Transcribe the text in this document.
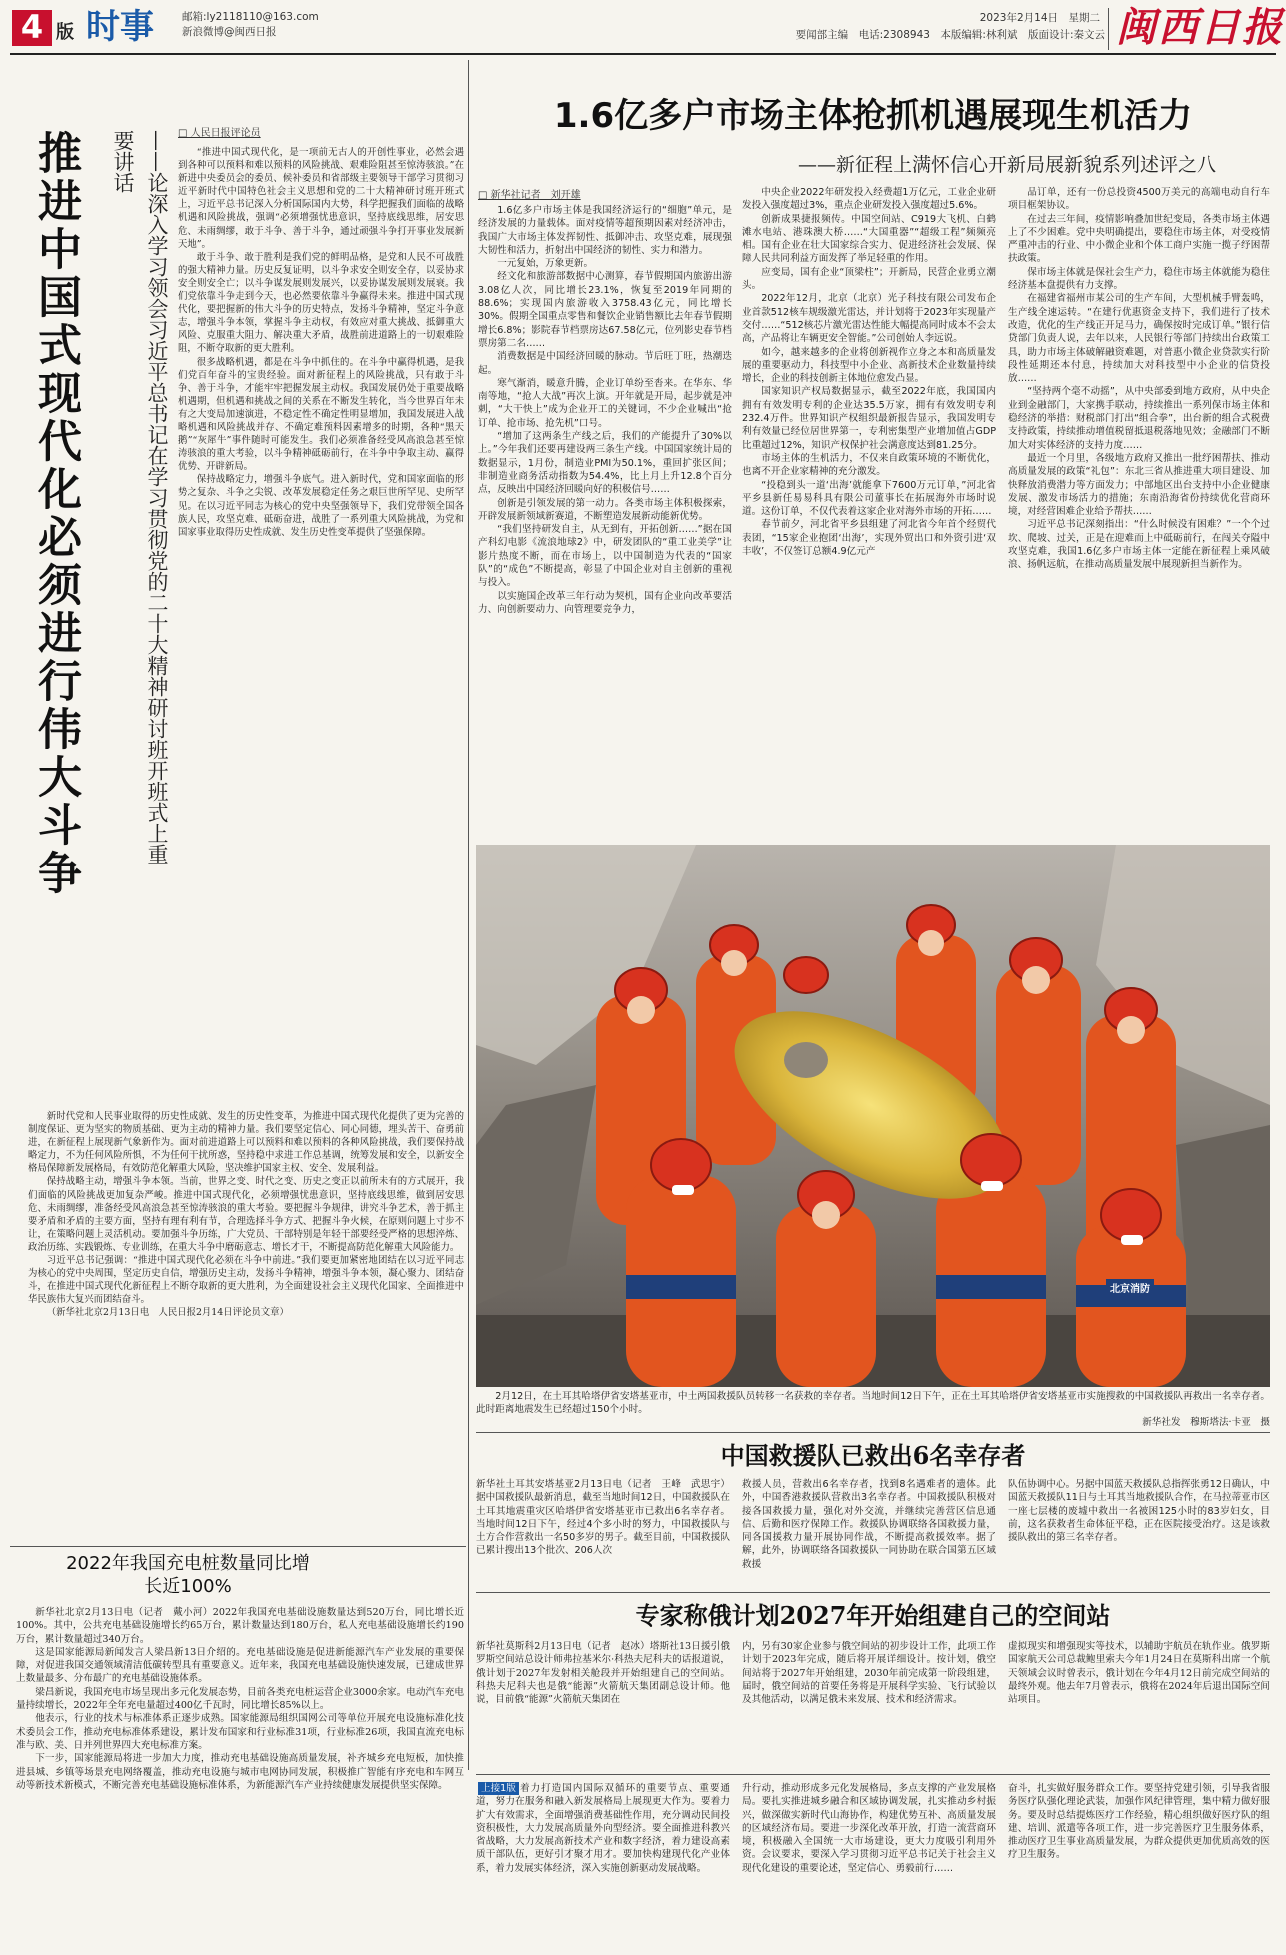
4 版 时事	邮箱:ly2118110@163.com
新浪微博@闽西日报
2023年2月14日　星期二
要闻部主编　电话:2308943　本版编辑:林利斌　版面设计:秦文云 闽西日报
□ 人民日报评论员
推进中国式现代化必须进行伟大斗争	——论深入学习领会习近平总书记在学习贯彻党的二十大精神研讨班开班式上重要讲话	“推进中国式现代化，是一项前无古人的开创性事业，必然会遇到各种可以预料和难以预料的风险挑战、艰难险阻甚至惊涛骇浪。”在新进中央委员会的委员、候补委员和省部级主要领导干部学习贯彻习近平新时代中国特色社会主义思想和党的二十大精神研讨班开班式上，习近平总书记深入分析国际国内大势，科学把握我们面临的战略机遇和风险挑战，强调“必须增强忧患意识，坚持底线思维，居安思危、未雨绸缪，敢于斗争、善于斗争，通过顽强斗争打开事业发展新天地”。

敢于斗争、敢于胜利是我们党的鲜明品格，是党和人民不可战胜的强大精神力量。历史反复证明，以斗争求安全则安全存，以妥协求安全则安全亡；以斗争谋发展则发展兴，以妥协谋发展则发展衰。我们党依靠斗争走到今天，也必然要依靠斗争赢得未来。推进中国式现代化，要把握新的伟大斗争的历史特点，发扬斗争精神，坚定斗争意志，增强斗争本领，掌握斗争主动权，有效应对重大挑战、抵御重大风险、克服重大阻力、解决重大矛盾，战胜前进道路上的一切艰难险阻，不断夺取新的更大胜利。

很多战略机遇，都是在斗争中抓住的。在斗争中赢得机遇，是我们党百年奋斗的宝贵经验。面对新征程上的风险挑战，只有敢于斗争、善于斗争，才能牢牢把握发展主动权。我国发展仍处于重要战略机遇期，但机遇和挑战之间的关系在不断发生转化，当今世界百年未有之大变局加速演进，不稳定性不确定性明显增加，我国发展进入战略机遇和风险挑战并存、不确定难预料因素增多的时期，各种“黑天鹅”“灰犀牛”事件随时可能发生。我们必须准备经受风高浪急甚至惊涛骇浪的重大考验，以斗争精神砥砺前行，在斗争中争取主动、赢得优势、开辟新局。

保持战略定力，增强斗争底气。进入新时代，党和国家面临的形势之复杂、斗争之尖锐、改革发展稳定任务之艰巨世所罕见、史所罕见。在以习近平同志为核心的党中央坚强领导下，我们党带领全国各族人民，攻坚克难、砥砺奋进，战胜了一系列重大风险挑战，为党和国家事业取得历史性成就、发生历史性变革提供了坚强保障。

新时代党和人民事业取得的历史性成就、发生的历史性变革，为推进中国式现代化提供了更为完善的制度保证、更为坚实的物质基础、更为主动的精神力量。我们要坚定信心、同心同德，埋头苦干、奋勇前进，在新征程上展现新气象新作为。面对前进道路上可以预料和难以预料的各种风险挑战，我们要保持战略定力，不为任何风险所惧，不为任何干扰所惑，坚持稳中求进工作总基调，统筹发展和安全，以新安全格局保障新发展格局，有效防范化解重大风险，坚决维护国家主权、安全、发展利益。

保持战略主动，增强斗争本领。当前，世界之变、时代之变、历史之变正以前所未有的方式展开，我们面临的风险挑战更加复杂严峻。推进中国式现代化，必须增强忧患意识，坚持底线思维，做到居安思危、未雨绸缪，准备经受风高浪急甚至惊涛骇浪的重大考验。要把握斗争规律，讲究斗争艺术，善于抓主要矛盾和矛盾的主要方面，坚持有理有利有节，合理选择斗争方式、把握斗争火候，在原则问题上寸步不让，在策略问题上灵活机动。要加强斗争历练，广大党员、干部特别是年轻干部要经受严格的思想淬炼、政治历练、实践锻炼、专业训练，在重大斗争中磨砺意志、增长才干，不断提高防范化解重大风险能力。

习近平总书记强调：“推进中国式现代化必须在斗争中前进。”我们要更加紧密地团结在以习近平同志为核心的党中央周围，坚定历史自信，增强历史主动，发扬斗争精神，增强斗争本领，凝心聚力、团结奋斗，在推进中国式现代化新征程上不断夺取新的更大胜利，为全面建设社会主义现代化国家、全面推进中华民族伟大复兴而团结奋斗。

（新华社北京2月13日电　人民日报2月14日评论员文章）

1.6亿多户市场主体抢抓机遇展现生机活力
——新征程上满怀信心开新局展新貌系列述评之八
□ 新华社记者　刘开雄

1.6亿多户市场主体是我国经济运行的“细胞”单元，是经济发展的力量载体。面对疫情等超预期因素对经济冲击，我国广大市场主体发挥韧性、抵御冲击、攻坚克难，展现强大韧性和活力，折射出中国经济的韧性、实力和潜力。

一元复始，万象更新。

经文化和旅游部数据中心测算，春节假期国内旅游出游3.08亿人次，同比增长23.1%，恢复至2019年同期的88.6%；实现国内旅游收入3758.43亿元，同比增长30%。假期全国重点零售和餐饮企业销售额比去年春节假期增长6.8%；影院春节档票房达67.58亿元，位列影史春节档票房第二名……

消费数据是中国经济回暖的脉动。节后旺丁旺，热潮迭起。

寒气渐消，暖意升腾，企业订单纷至沓来。在华东、华南等地，“抢人大战”再次上演。开年就是开局，起步就是冲刺，“大干快上”成为企业开工的关键词，不少企业喊出“抢订单、抢市场、抢先机”口号。

“增加了这两条生产线之后，我们的产能提升了30%以上。”今年我们还要再建设两三条生产线。中国国家统计局的数据显示，1月份，制造业PMI为50.1%，重回扩张区间；非制造业商务活动指数为54.4%，比上月上升12.8个百分点，反映出中国经济回暖向好的积极信号……

创新是引领发展的第一动力。各类市场主体积极探索，开辟发展新领域新赛道，不断塑造发展新动能新优势。

“我们坚持研发自主，从无到有，开拓创新……”据在国产科幻电影《流浪地球2》中，研发团队的“重工业美学”让影片热度不断，而在市场上，以中国制造为代表的“国家队”的“成色”不断提高，彰显了中国企业对自主创新的重视与投入。

以实施国企改革三年行动为契机，国有企业向改革要活力、向创新要动力、向管理要竞争力，

中央企业2022年研发投入经费超1万亿元，工业企业研发投入强度超过3%，重点企业研发投入强度超过5.6%。

创新成果捷报频传。中国空间站、C919大飞机、白鹤滩水电站、港珠澳大桥……“大国重器”“超级工程”频频亮相。国有企业在壮大国家综合实力、促进经济社会发展、保障人民共同利益方面发挥了举足轻重的作用。

应变局，国有企业“顶梁柱”；开新局，民营企业勇立潮头。

2022年12月，北京（北京）光子科技有限公司发布企业首款512核车规级激光雷达，并计划将于2023年实现量产交付……“512核芯片激光雷达性能大幅提高同时成本不会太高，产品将让车辆更安全智能。”公司创始人李远说。

如今，越来越多的企业将创新视作立身之本和高质量发展的重要驱动力，科技型中小企业、高新技术企业数量持续增长，企业的科技创新主体地位愈发凸显。

国家知识产权局数据显示，截至2022年底，我国国内拥有有效发明专利的企业达35.5万家，拥有有效发明专利232.4万件。世界知识产权组织最新报告显示，我国发明专利有效量已经位居世界第一，专利密集型产业增加值占GDP比重超过12%，知识产权保护社会满意度达到81.25分。

市场主体的生机活力，不仅来自政策环境的不断优化，也离不开企业家精神的充分激发。

“投稳到头一道‘出海’就能拿下7600万元订单，”河北省平乡县新任易易科具有限公司董事长在拓展海外市场时说道。这份订单，不仅代表着这家企业对海外市场的开拓……

春节前夕，河北省平乡县组建了河北省今年首个经贸代表团，“15家企业抱团‘出海’，实现外贸出口和外资引进‘双丰收’，不仅签订总额4.9亿元产

品订单，还有一份总投资4500万美元的高端电动自行车项目框架协议。

在过去三年间，疫情影响叠加世纪变局，各类市场主体遇上了不少困难。党中央明确提出，要稳住市场主体，对受疫情严重冲击的行业、中小微企业和个体工商户实施一揽子纾困帮扶政策。

保市场主体就是保社会生产力，稳住市场主体就能为稳住经济基本盘提供有力支撑。

在福建省福州市某公司的生产车间，大型机械手臂轰鸣，生产线全速运转。“在建行优惠资金支持下，我们进行了技术改造，优化的生产线正开足马力，确保按时完成订单。”银行信贷部门负责人说，去年以来，人民银行等部门持续出台政策工具，助力市场主体破解融资难题，对普惠小微企业贷款实行阶段性延期还本付息，持续加大对科技型中小企业的信贷投放……

“坚持两个毫不动摇”，从中央部委到地方政府，从中央企业到金融部门，大家携手联动，持续推出一系列保市场主体和稳经济的举措：财税部门打出“组合拳”，出台新的组合式税费支持政策，持续推动增值税留抵退税落地见效；金融部门不断加大对实体经济的支持力度……

最近一个月里，各级地方政府又推出一批纾困帮扶、推动高质量发展的政策“礼包”：东北三省从推进重大项目建设、加快释放消费潜力等方面发力；中部地区出台支持中小企业健康发展、激发市场活力的措施；东南沿海省份持续优化营商环境，对经营困难企业给予帮扶……

习近平总书记深刻指出：“什么时候没有困难？”一个个过坎、爬坡、过关，正是在迎难而上中砥砺前行，在闯关夺隘中攻坚克难，我国1.6亿多户市场主体一定能在新征程上乘风破浪、扬帆远航，在推动高质量发展中展现新担当新作为。

北京消防

2月12日，在土耳其哈塔伊省安塔基亚市，中土两国救援队员转移一名获救的幸存者。当地时间12日下午，正在土耳其哈塔伊省安塔基亚市实施搜救的中国救援队再救出一名幸存者。此时距离地震发生已经超过150个小时。

新华社发　穆斯塔法·卡亚　摄

中国救援队已救出6名幸存者
新华社土耳其安塔基亚2月13日电（记者　王峰　武思宇）据中国救援队最新消息，截至当地时间12日，中国救援队在土耳其地震重灾区哈塔伊省安塔基亚市已救出6名幸存者。当地时间12日下午，经过4个多小时的努力，中国救援队与土方合作营救出一名50多岁的男子。截至目前，中国救援队已累计搜出13个批次、206人次
救援人员，营救出6名幸存者，找到8名遇难者的遗体。此外，中国香港救援队营救出3名幸存者。中国救援队积极对接各国救援力量，强化对外交流，并继续完善营区信息通信、后勤和医疗保障工作。救援队协调联络各国救援力量，同各国援救力量开展协同作战，不断提高救援效率。据了解，此外，协调联络各国救援队一同协助在联合国第五区域救援
队伍协调中心。另据中国蓝天救援队总指挥张勇12日确认，中国蓝天救援队11日与土耳其当地救援队合作，在马拉蒂亚市区一座七层楼的废墟中救出一名被困125小时的83岁妇女，目前，这名获救者生命体征平稳，正在医院接受治疗。这是该救援队救出的第三名幸存者。
2022年我国充电桩数量同比增长近100%

新华社北京2月13日电（记者　戴小河）2022年我国充电基础设施数量达到520万台，同比增长近100%。其中，公共充电基础设施增长约65万台，累计数量达到180万台，私人充电基础设施增长约190万台，累计数量超过340万台。

这是国家能源局新闻发言人梁昌新13日介绍的。充电基础设施是促进新能源汽车产业发展的重要保障，对促进我国交通领域清洁低碳转型具有重要意义。近年来，我国充电基础设施快速发展，已建成世界上数量最多、分布最广的充电基础设施体系。

梁昌新说，我国充电市场呈现出多元化发展态势，目前各类充电桩运营企业3000余家。电动汽车充电量持续增长，2022年全年充电量超过400亿千瓦时，同比增长85%以上。

他表示，行业的技术与标准体系正逐步成熟。国家能源局组织国网公司等单位开展充电设施标准化技术委员会工作，推动充电标准体系建设，累计发布国家和行业标准31项，行业标准26项，我国直流充电标准与欧、美、日并列世界四大充电标准方案。

下一步，国家能源局将进一步加大力度，推动充电基础设施高质量发展，补齐城乡充电短板，加快推进县城、乡镇等场景充电网络覆盖，推动充电设施与城市电网协同发展，积极推广智能有序充电和车网互动等新技术新模式，不断完善充电基础设施标准体系，为新能源汽车产业持续健康发展提供坚实保障。

专家称俄计划2027年开始组建自己的空间站
新华社莫斯科2月13日电（记者　赵冰）塔斯社13日援引俄罗斯空间站总设计师弗拉基米尔·科热夫尼科夫的话报道说，俄计划于2027年发射相关舱段并开始组建自己的空间站。科热夫尼科夫也是俄“能源”火箭航天集团副总设计师。他说，目前俄“能源”火箭航天集团在
内，另有30家企业参与俄空间站的初步设计工作，此项工作计划于2023年完成，随后将开展详细设计。按计划，俄空间站将于2027年开始组建，2030年前完成第一阶段组建，届时，俄空间站的首要任务将是开展科学实验、飞行试验以及其他活动，以满足俄未来发展、技术和经济需求。
虚拟现实和增强现实等技术，以辅助宇航员在轨作业。俄罗斯国家航天公司总裁鲍里索夫今年1月24日在莫斯科出席一个航天领域会议时曾表示，俄计划在今年4月12日前完成空间站的最终外观。他去年7月曾表示，俄将在2024年后退出国际空间站项目。
上接1版 着力打造国内国际双循环的重要节点、重要通道，努力在服务和融入新发展格局上展现更大作为。要着力扩大有效需求，全面增强消费基础性作用，充分调动民间投资积极性，大力发展高质量外向型经济。要全面推进科教兴省战略，大力发展高新技术产业和数字经济，着力建设高素质干部队伍，更好引才聚才用才。要加快构建现代化产业体系，着力发展实体经济，深入实施创新驱动发展战略。
升行动，推动形成多元化发展格局，多点支撑的产业发展格局。要扎实推进城乡融合和区域协调发展，扎实推动乡村振兴，做深做实新时代山海协作，构建优势互补、高质量发展的区域经济布局。要进一步深化改革开放，打造一流营商环境，积极融入全国统一大市场建设，更大力度吸引利用外资。会议要求，要深入学习贯彻习近平总书记关于社会主义现代化建设的重要论述，坚定信心、勇毅前行……
奋斗，扎实做好服务群众工作。要坚持党建引领，引导我省服务医疗队强化理论武装，加强作风纪律管理，集中精力做好服务。要及时总结提炼医疗工作经验，精心组织做好医疗队的组建、培训、派遣等各项工作，进一步完善医疗卫生服务体系，推动医疗卫生事业高质量发展，为群众提供更加优质高效的医疗卫生服务。
